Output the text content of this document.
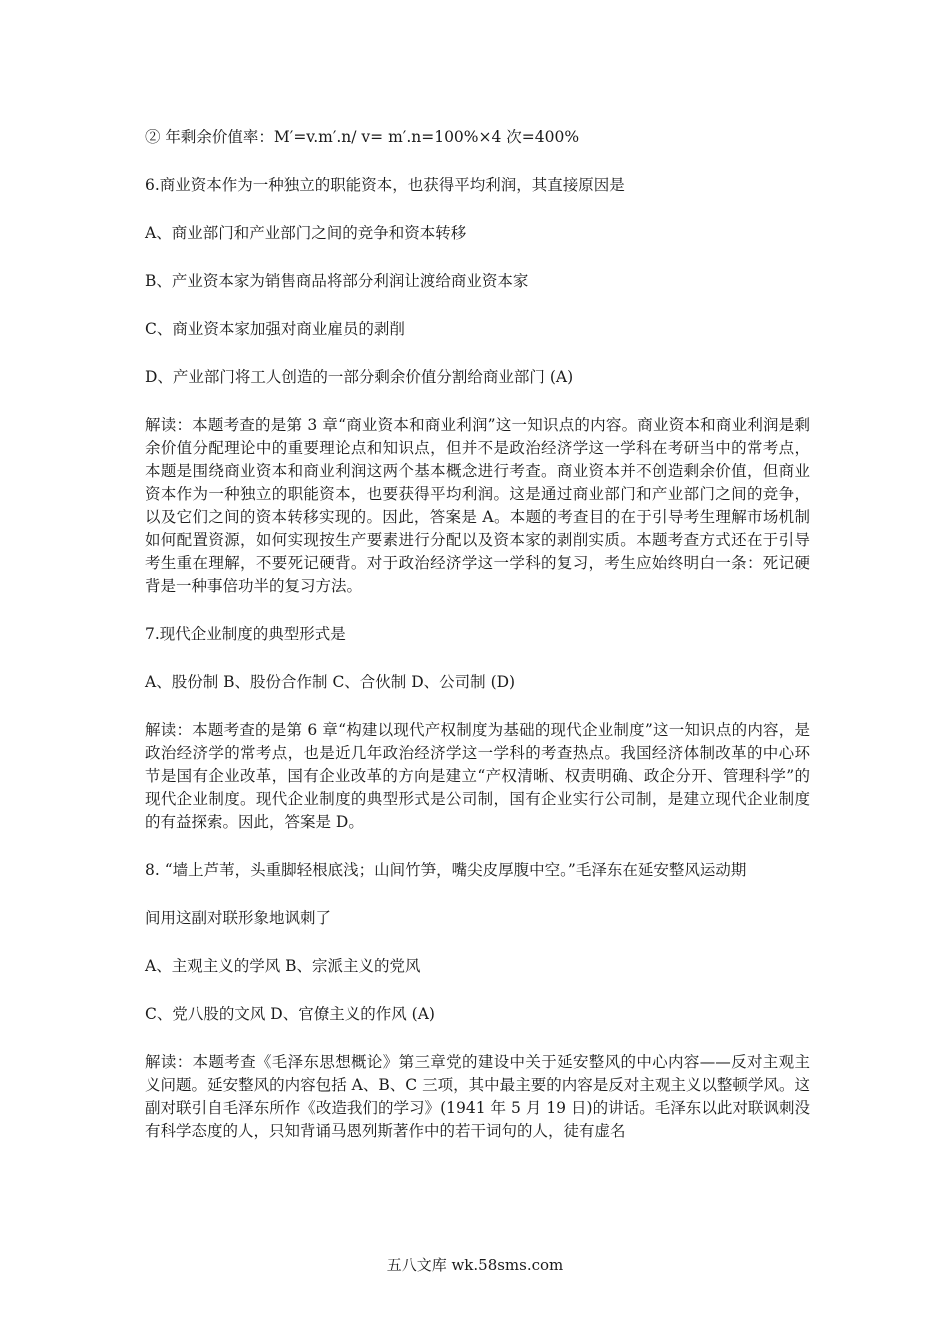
② 年剩余价值率：M′=v.m′.n/ v= m′.n=100%×4 次=400%

6.商业资本作为一种独立的职能资本，也获得平均利润，其直接原因是

A、商业部门和产业部门之间的竞争和资本转移

B、产业资本家为销售商品将部分利润让渡给商业资本家

C、商业资本家加强对商业雇员的剥削

D、产业部门将工人创造的一部分剩余价值分割给商业部门 (A)

解读：本题考查的是第 3 章“商业资本和商业利润”这一知识点的内容。商业资本和商业利润是剩余价值分配理论中的重要理论点和知识点，但并不是政治经济学这一学科在考研当中的常考点，本题是围绕商业资本和商业利润这两个基本概念进行考查。商业资本并不创造剩余价值，但商业资本作为一种独立的职能资本，也要获得平均利润。这是通过商业部门和产业部门之间的竞争，以及它们之间的资本转移实现的。因此，答案是 A。本题的考查目的在于引导考生理解市场机制如何配置资源，如何实现按生产要素进行分配以及资本家的剥削实质。本题考查方式还在于引导考生重在理解，不要死记硬背。对于政治经济学这一学科的复习，考生应始终明白一条：死记硬背是一种事倍功半的复习方法。

7.现代企业制度的典型形式是

A、股份制 B、股份合作制 C、合伙制 D、公司制 (D)

解读：本题考查的是第 6 章“构建以现代产权制度为基础的现代企业制度”这一知识点的内容，是政治经济学的常考点，也是近几年政治经济学这一学科的考查热点。我国经济体制改革的中心环节是国有企业改革，国有企业改革的方向是建立“产权清晰、权责明确、政企分开、管理科学”的现代企业制度。现代企业制度的典型形式是公司制，国有企业实行公司制，是建立现代企业制度的有益探索。因此，答案是 D。

8. “墙上芦苇，头重脚轻根底浅；山间竹笋，嘴尖皮厚腹中空。”毛泽东在延安整风运动期

间用这副对联形象地讽刺了

A、主观主义的学风 B、宗派主义的党风

C、党八股的文风 D、官僚主义的作风 (A)

解读：本题考查《毛泽东思想概论》第三章党的建设中关于延安整风的中心内容——反对主观主义问题。延安整风的内容包括 A、B、C 三项，其中最主要的内容是反对主观主义以整顿学风。这副对联引自毛泽东所作《改造我们的学习》(1941 年 5 月 19 日)的讲话。毛泽东以此对联讽刺没有科学态度的人，只知背诵马恩列斯著作中的若干词句的人，徒有虚名

五八文库 wk.58sms.com
